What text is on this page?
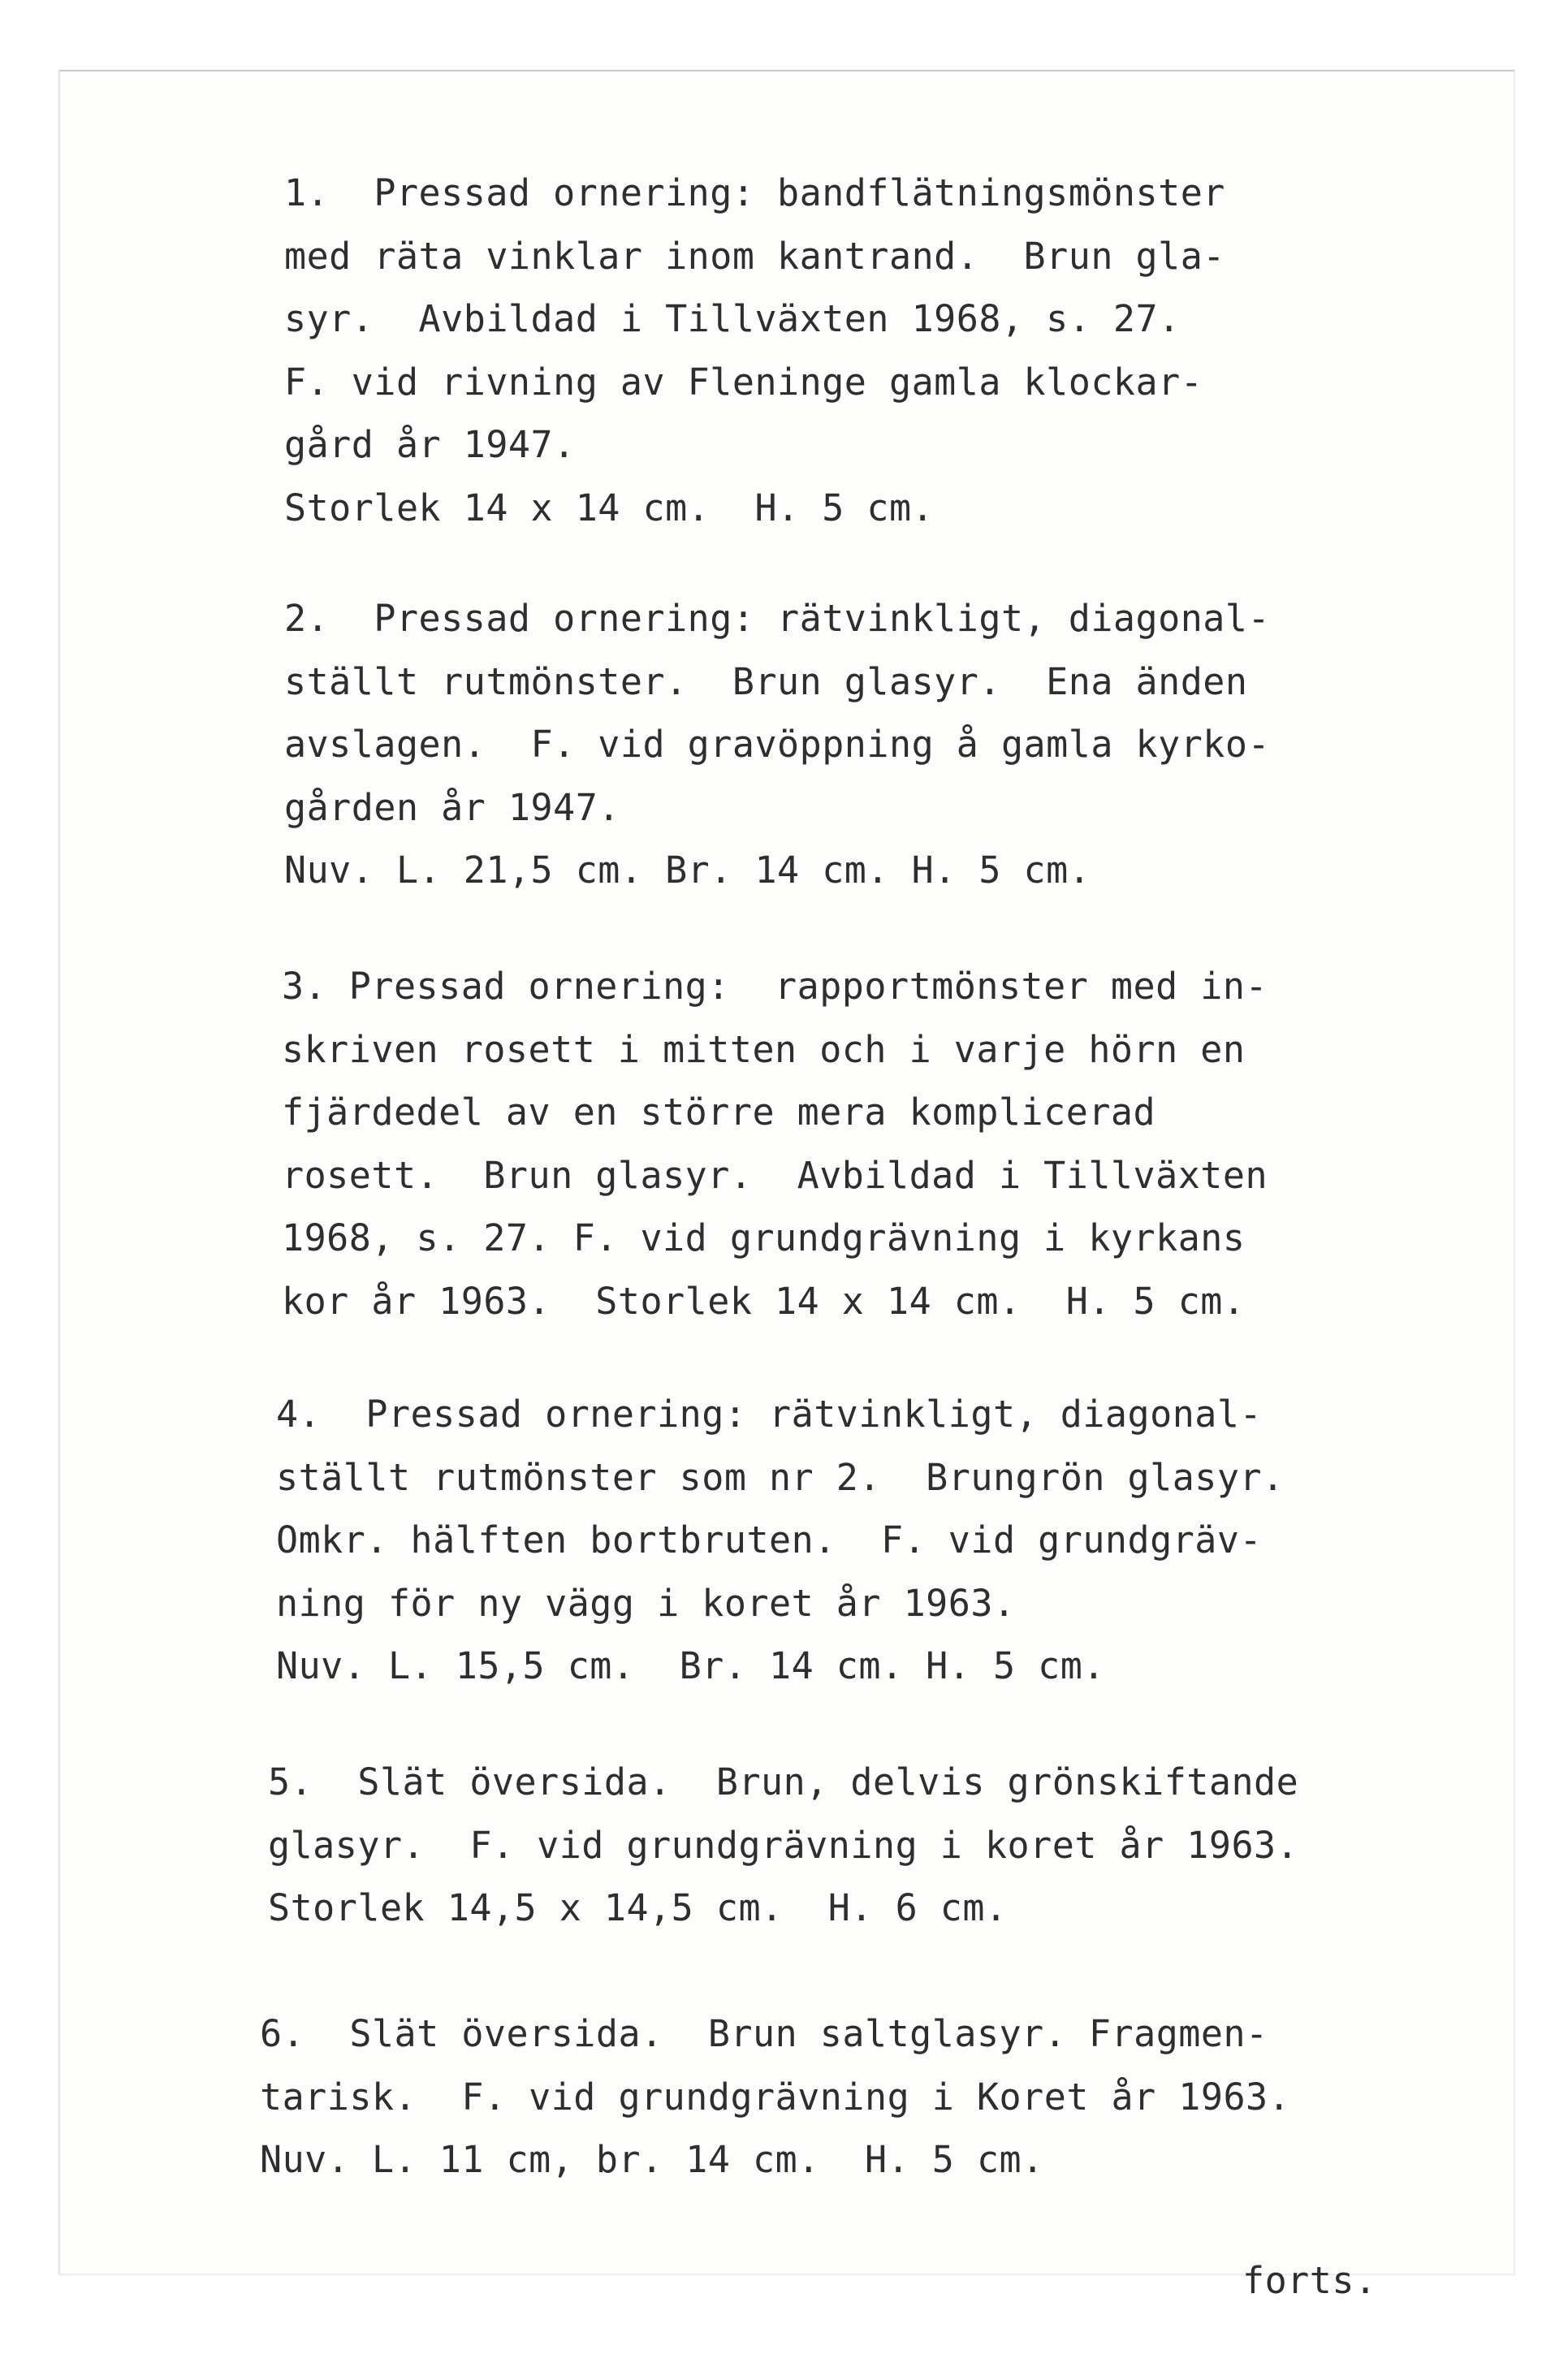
1.  Pressad ornering: bandflätningsmönster
med räta vinklar inom kantrand.  Brun gla-
syr.  Avbildad i Tillväxten 1968, s. 27.
F. vid rivning av Fleninge gamla klockar-
gård år 1947.
Storlek 14 x 14 cm.  H. 5 cm.
2.  Pressad ornering: rätvinkligt, diagonal-
ställt rutmönster.  Brun glasyr.  Ena änden
avslagen.  F. vid gravöppning å gamla kyrko-
gården år 1947.
Nuv. L. 21,5 cm. Br. 14 cm. H. 5 cm.
3. Pressad ornering:  rapportmönster med in-
skriven rosett i mitten och i varje hörn en
fjärdedel av en större mera komplicerad
rosett.  Brun glasyr.  Avbildad i Tillväxten
1968, s. 27. F. vid grundgrävning i kyrkans
kor år 1963.  Storlek 14 x 14 cm.  H. 5 cm.
4.  Pressad ornering: rätvinkligt, diagonal-
ställt rutmönster som nr 2.  Brungrön glasyr.
Omkr. hälften bortbruten.  F. vid grundgräv-
ning för ny vägg i koret år 1963.
Nuv. L. 15,5 cm.  Br. 14 cm. H. 5 cm.
5.  Slät översida.  Brun, delvis grönskiftande
glasyr.  F. vid grundgrävning i koret år 1963.
Storlek 14,5 x 14,5 cm.  H. 6 cm.
6.  Slät översida.  Brun saltglasyr. Fragmen-
tarisk.  F. vid grundgrävning i Koret år 1963.
Nuv. L. 11 cm, br. 14 cm.  H. 5 cm.
forts.
